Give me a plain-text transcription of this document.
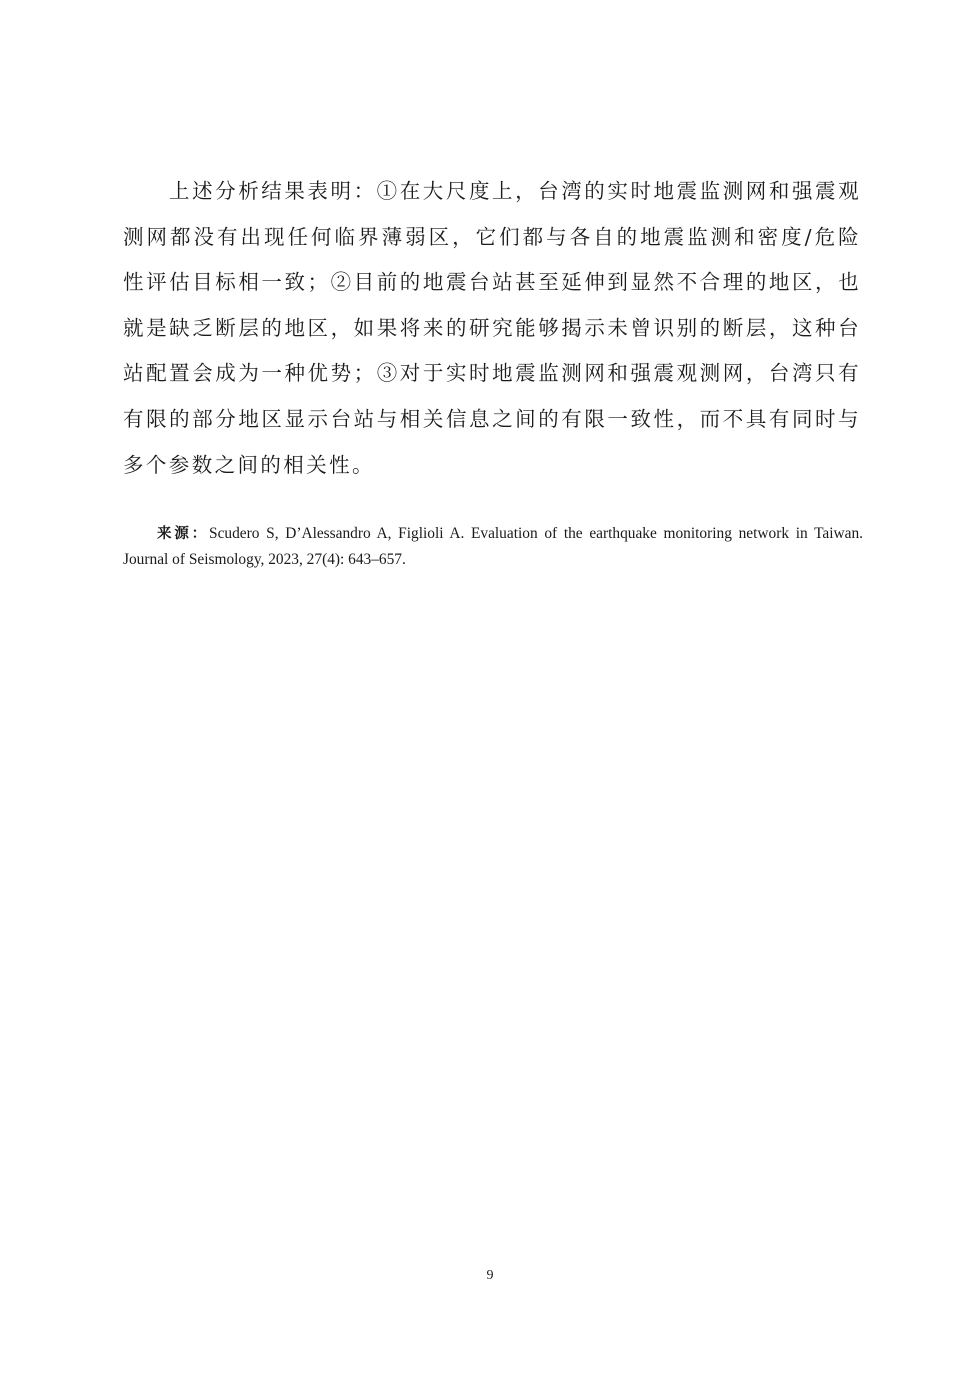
上述分析结果表明：①在大尺度上，台湾的实时地震监测网和强震观测网都没有出现任何临界薄弱区，它们都与各自的地震监测和密度/危险性评估目标相一致；②目前的地震台站甚至延伸到显然不合理的地区，也就是缺乏断层的地区，如果将来的研究能够揭示未曾识别的断层，这种台站配置会成为一种优势；③对于实时地震监测网和强震观测网，台湾只有有限的部分地区显示台站与相关信息之间的有限一致性，而不具有同时与多个参数之间的相关性。

来源：Scudero S, D’Alessandro A, Figlioli A. Evaluation of the earthquake monitoring network in Taiwan. Journal of Seismology, 2023, 27(4): 643–657.

9
